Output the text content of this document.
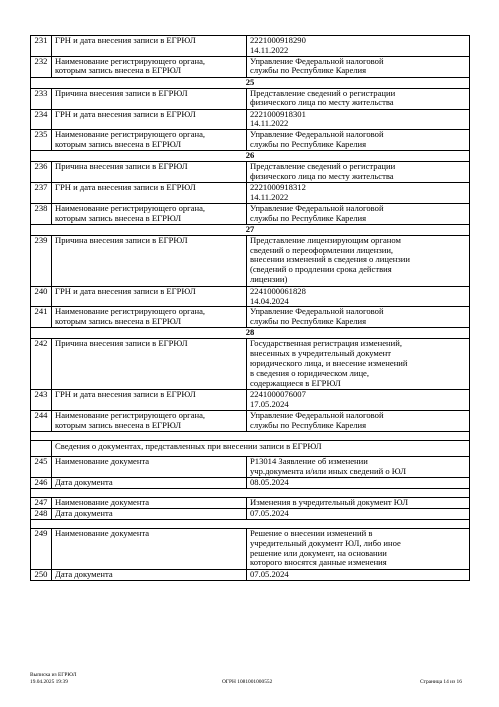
231	ГРН и дата внесения записи в ЕГРЮЛ	2221000918290
14.11.2022
232	Наименование регистрирующего органа,
которым запись внесена в ЕГРЮЛ	Управление Федеральной налоговой
службы по Республике Карелия
25		
233	Причина внесения записи в ЕГРЮЛ	Представление сведений о регистрации
физического лица по месту жительства
234	ГРН и дата внесения записи в ЕГРЮЛ	2221000918301
14.11.2022
235	Наименование регистрирующего органа,
которым запись внесена в ЕГРЮЛ	Управление Федеральной налоговой
службы по Республике Карелия
26		
236	Причина внесения записи в ЕГРЮЛ	Представление сведений о регистрации
физического лица по месту жительства
237	ГРН и дата внесения записи в ЕГРЮЛ	2221000918312
14.11.2022
238	Наименование регистрирующего органа,
которым запись внесена в ЕГРЮЛ	Управление Федеральной налоговой
службы по Республике Карелия
27		
239	Причина внесения записи в ЕГРЮЛ	Представление лицензирующим органом
сведений о переоформлении лицензии,
внесении изменений в сведения о лицензии
(сведений о продлении срока действия
лицензии)
240	ГРН и дата внесения записи в ЕГРЮЛ	2241000061828
14.04.2024
241	Наименование регистрирующего органа,
которым запись внесена в ЕГРЮЛ	Управление Федеральной налоговой
службы по Республике Карелия
28		
242	Причина внесения записи в ЕГРЮЛ	Государственная регистрация изменений,
внесенных в учредительный документ
юридического лица, и внесение изменений
в сведения о юридическом лице,
содержащиеся в ЕГРЮЛ
243	ГРН и дата внесения записи в ЕГРЮЛ	2241000076007
17.05.2024
244	Наименование регистрирующего органа,
которым запись внесена в ЕГРЮЛ	Управление Федеральной налоговой
службы по Республике Карелия

	Сведения о документах, представленных при внесении записи в ЕГРЮЛ	
245	Наименование документа	Р13014 Заявление об изменении
учр.документа и/или иных сведений о ЮЛ
246	Дата документа	08.05.2024

247	Наименование документа	Изменения в учредительный документ ЮЛ
248	Дата документа	07.05.2024

249	Наименование документа	Решение о внесении изменений в
учредительный документ ЮЛ, либо иное
решение или документ, на основании
которого вносятся данные изменения
250	Дата документа	07.05.2024
Выписка из ЕГРЮЛ
19.04.2025 19:39	ОГРН 1081001000552	Страница 14 из 16
